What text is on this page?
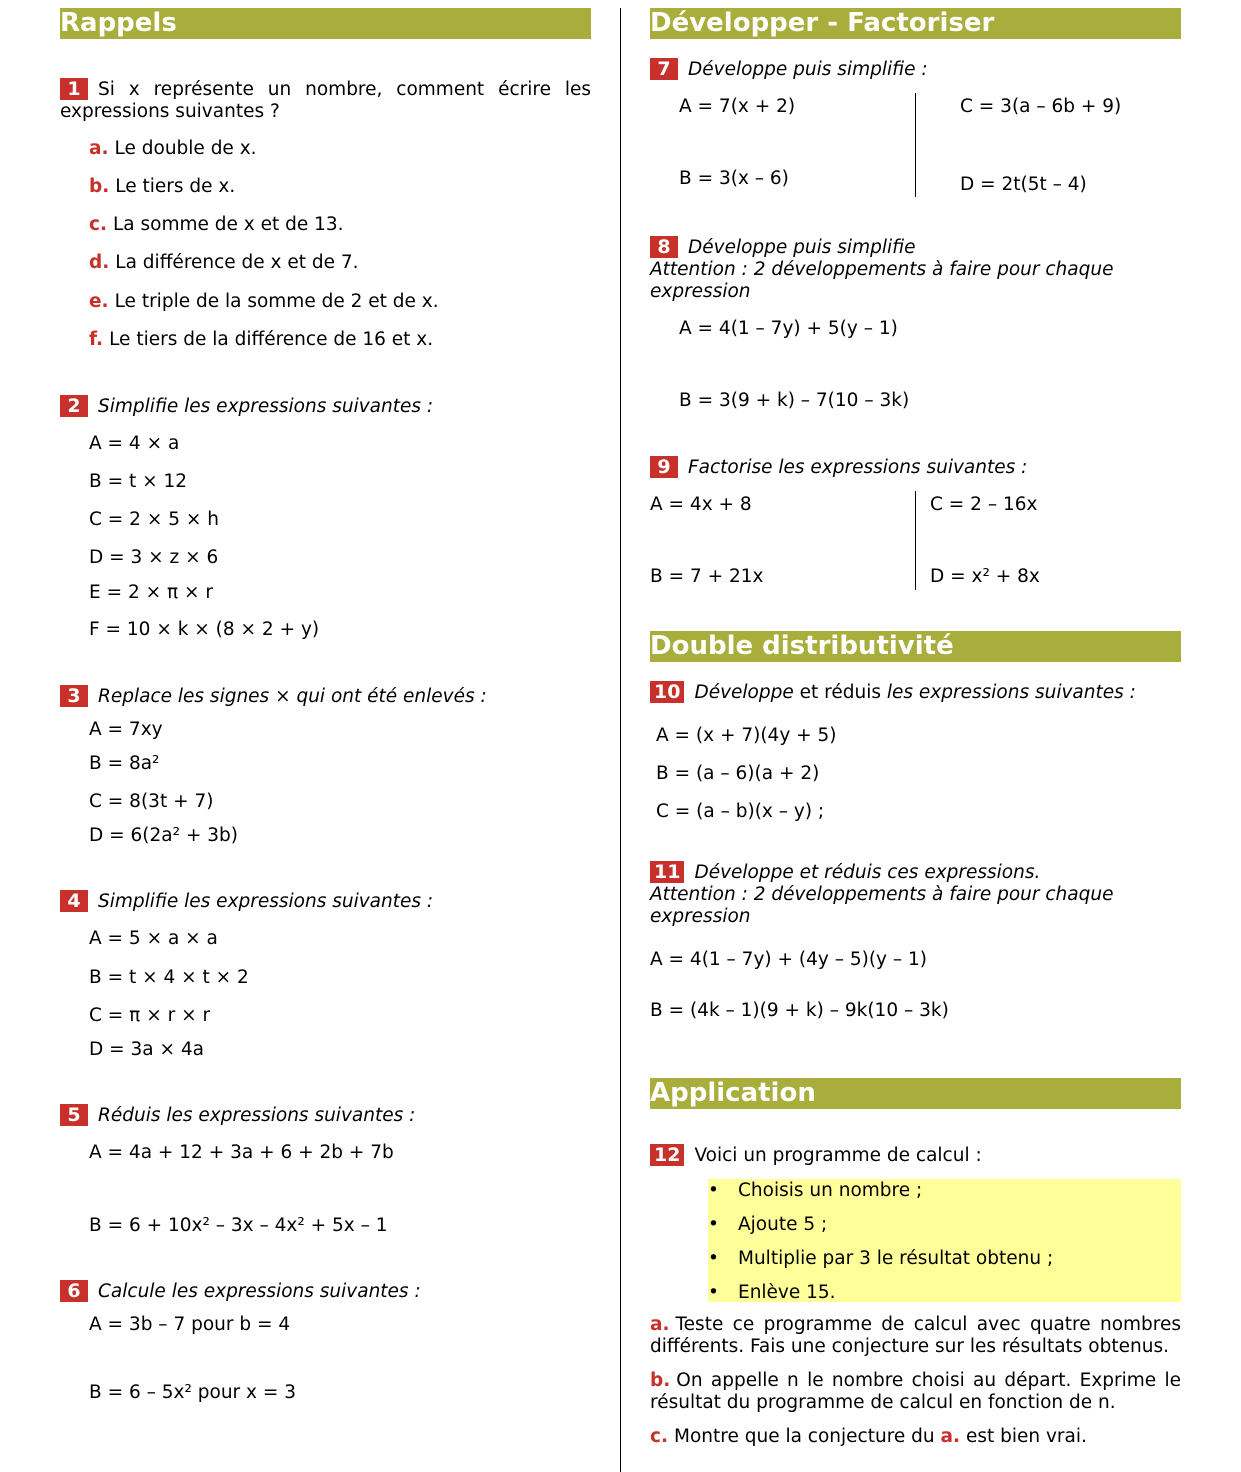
Rappels
1 Si x représente un nombre, comment écrire les expressions suivantes ?
a. Le double de x.
b. Le tiers de x.
c. La somme de x et de 13.
d. La différence de x et de 7.
e. Le triple de la somme de 2 et de x.
f. Le tiers de la différence de 16 et x.
2 Simplifie les expressions suivantes :
A = 4 × a
B = t × 12
C = 2 × 5 × h
D = 3 × z × 6
E = 2 × π × r
F = 10 × k × (8 × 2 + y)
3 Replace les signes × qui ont été enlevés :
A = 7xy
B = 8a²
C = 8(3t + 7)
D = 6(2a² + 3b)
4 Simplifie les expressions suivantes :
A = 5 × a × a
B = t × 4 × t × 2
C = π × r × r
D = 3a × 4a
5 Réduis les expressions suivantes :
A = 4a + 12 + 3a + 6 + 2b + 7b
B = 6 + 10x² – 3x – 4x² + 5x – 1
6 Calcule les expressions suivantes :
A = 3b – 7 pour b = 4
B = 6 – 5x² pour x = 3
Développer - Factoriser
7 Développe puis simplifie :
A = 7(x + 2)
B = 3(x – 6)
C = 3(a – 6b + 9)
D = 2t(5t – 4)
8 Développe puis simplifie
Attention : 2 développements à faire pour chaque expression
A = 4(1 – 7y) + 5(y – 1)
B = 3(9 + k) – 7(10 – 3k)
9 Factorise les expressions suivantes :
A = 4x + 8
B = 7 + 21x
C = 2 – 16x
D = x² + 8x
Double distributivité
10 Développe et réduis les expressions suivantes :
A = (x + 7)(4y + 5)
B = (a – 6)(a + 2)
C = (a – b)(x – y) ;
11 Développe et réduis ces expressions.
Attention : 2 développements à faire pour chaque expression
A = 4(1 – 7y) + (4y – 5)(y – 1)
B = (4k – 1)(9 + k) – 9k(10 – 3k)
Application
12 Voici un programme de calcul :
• Choisis un nombre ;
• Ajoute 5 ;
• Multiplie par 3 le résultat obtenu ;
• Enlève 15.
a. Teste ce programme de calcul avec quatre nombres différents. Fais une conjecture sur les résultats obtenus.
b. On appelle n le nombre choisi au départ. Exprime le résultat du programme de calcul en fonction de n.
c. Montre que la conjecture du a. est bien vrai.
